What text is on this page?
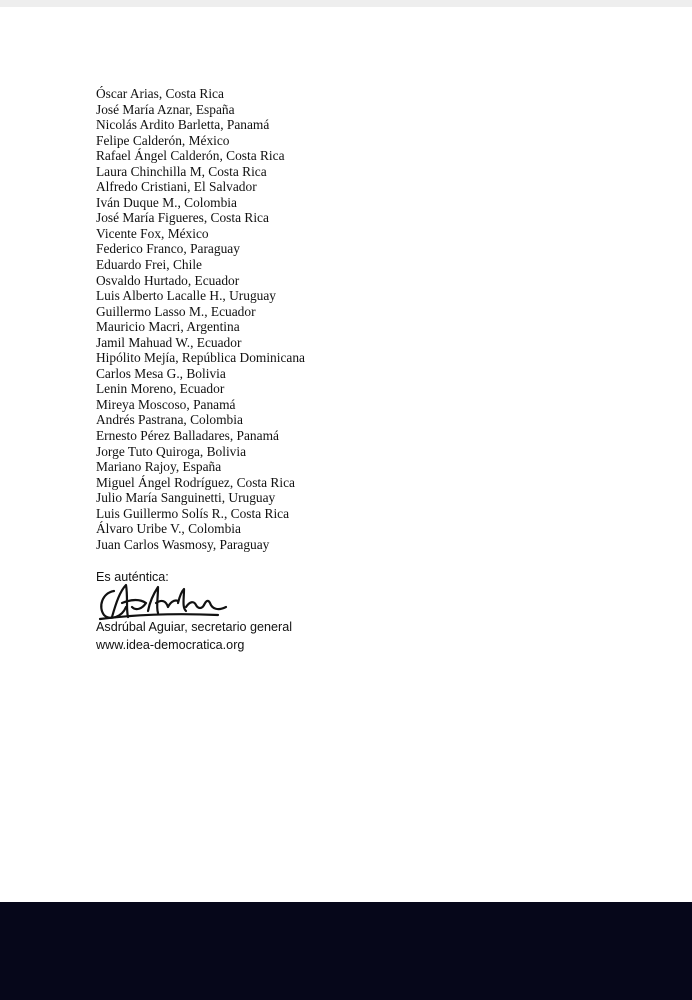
Óscar Arias, Costa Rica
José María Aznar, España
Nicolás Ardito Barletta, Panamá
Felipe Calderón, México
Rafael Ángel Calderón, Costa Rica
Laura Chinchilla M, Costa Rica
Alfredo Cristiani, El Salvador
Iván Duque M., Colombia
José María Figueres, Costa Rica
Vicente Fox, México
Federico Franco, Paraguay
Eduardo Frei, Chile
Osvaldo Hurtado, Ecuador
Luis Alberto Lacalle H., Uruguay
Guillermo Lasso M., Ecuador
Mauricio Macri, Argentina
Jamil Mahuad W., Ecuador
Hipólito Mejía, República Dominicana
Carlos Mesa G., Bolivia
Lenin Moreno, Ecuador
Mireya Moscoso, Panamá
Andrés Pastrana, Colombia
Ernesto Pérez Balladares, Panamá
Jorge Tuto Quiroga, Bolivia
Mariano Rajoy, España
Miguel Ángel Rodríguez, Costa Rica
Julio María Sanguinetti, Uruguay
Luis Guillermo Solís R., Costa Rica
Álvaro Uribe V., Colombia
Juan Carlos Wasmosy, Paraguay
Es auténtica:
Asdrúbal Aguiar, secretario general
www.idea-democratica.org
